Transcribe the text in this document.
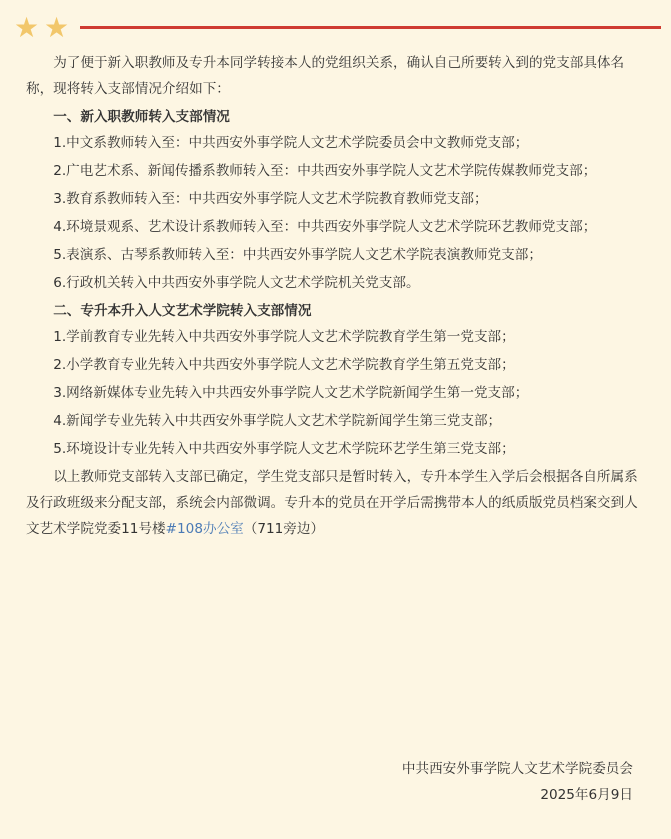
★ ★

为了便于新入职教师及专升本同学转接本人的党组织关系，确认自己所要转入到的党支部具体名称，现将转入支部情况介绍如下：

一、新入职教师转入支部情况

1.中文系教师转入至：中共西安外事学院人文艺术学院委员会中文教师党支部；

2.广电艺术系、新闻传播系教师转入至：中共西安外事学院人文艺术学院传媒教师党支部；

3.教育系教师转入至：中共西安外事学院人文艺术学院教育教师党支部；

4.环境景观系、艺术设计系教师转入至：中共西安外事学院人文艺术学院环艺教师党支部；

5.表演系、古琴系教师转入至：中共西安外事学院人文艺术学院表演教师党支部；

6.行政机关转入中共西安外事学院人文艺术学院机关党支部。

二、专升本升入人文艺术学院转入支部情况

1.学前教育专业先转入中共西安外事学院人文艺术学院教育学生第一党支部；

2.小学教育专业先转入中共西安外事学院人文艺术学院教育学生第五党支部；

3.网络新媒体专业先转入中共西安外事学院人文艺术学院新闻学生第一党支部；

4.新闻学专业先转入中共西安外事学院人文艺术学院新闻学生第三党支部；

5.环境设计专业先转入中共西安外事学院人文艺术学院环艺学生第三党支部；

以上教师党支部转入支部已确定，学生党支部只是暂时转入，专升本学生入学后会根据各自所属系及行政班级来分配支部，系统会内部微调。专升本的党员在开学后需携带本人的纸质版党员档案交到人文艺术学院党委11号楼#108办公室（711旁边）

中共西安外事学院人文艺术学院委员会
2025年6月9日
